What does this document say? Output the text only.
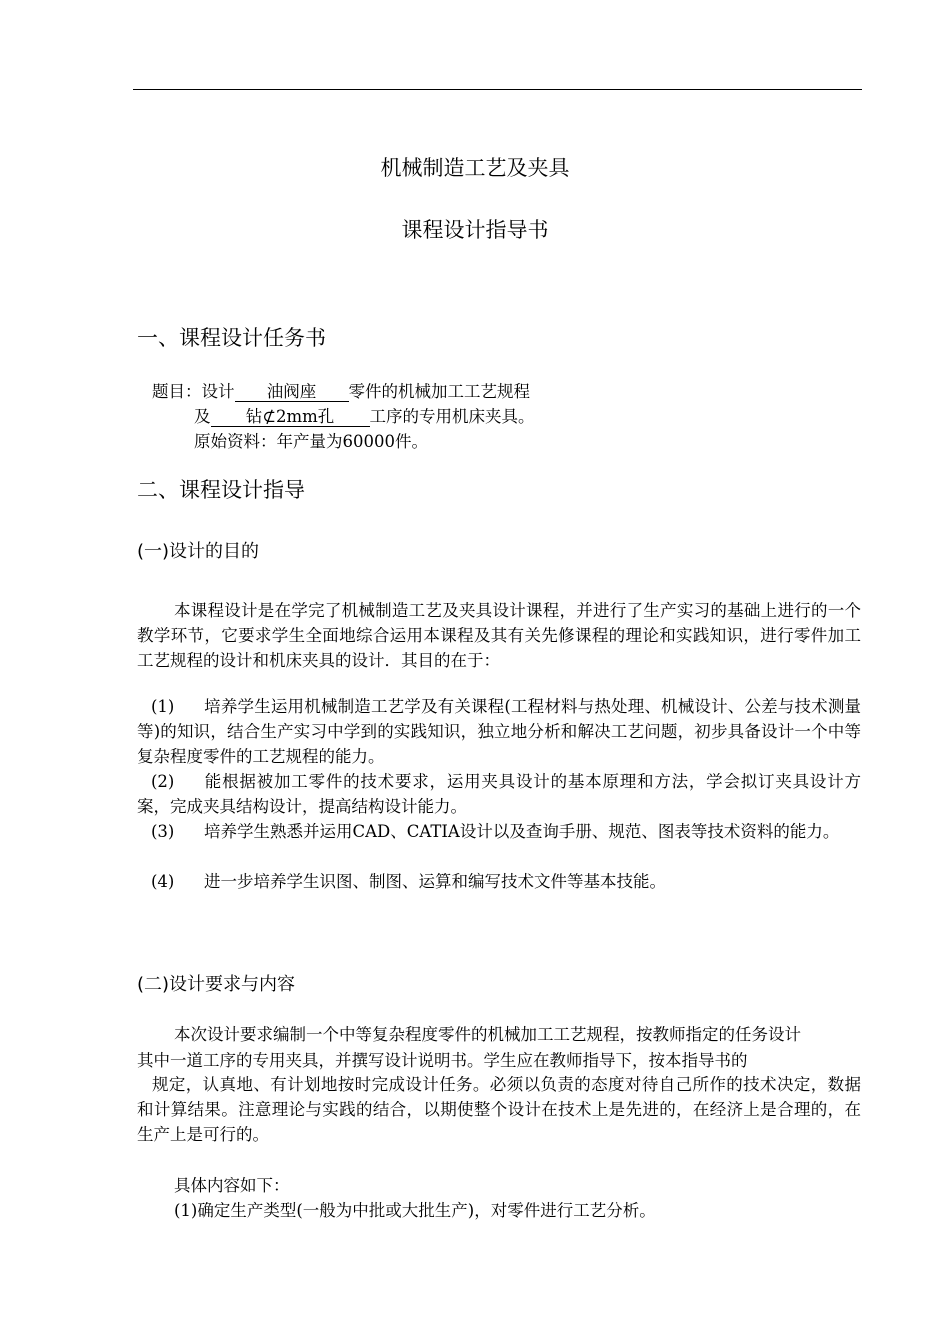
机械制造工艺及夹具
课程设计指导书
一、课程设计任务书
题目：设计 油阀座 零件的机械加工工艺规程
及 钻⊄2mm孔 工序的专用机床夹具。
原始资料：年产量为60000件。
二、课程设计指导
(一)设计的目的

本课程设计是在学完了机械制造工艺及夹具设计课程，并进行了生产实习的基础上进行的一个教学环节，它要求学生全面地综合运用本课程及其有关先修课程的理论和实践知识，进行零件加工工艺规程的设计和机床夹具的设计．其目的在于：

(1) 培养学生运用机械制造工艺学及有关课程(工程材料与热处理、机械设计、公差与技术测量等)的知识，结合生产实习中学到的实践知识，独立地分析和解决工艺问题，初步具备设计一个中等复杂程度零件的工艺规程的能力。

(2) 能根据被加工零件的技术要求，运用夹具设计的基本原理和方法，学会拟订夹具设计方案，完成夹具结构设计，提高结构设计能力。

(3) 培养学生熟悉并运用CAD、CATIA设计以及查询手册、规范、图表等技术资料的能力。

(4) 进一步培养学生识图、制图、运算和编写技术文件等基本技能。

(二)设计要求与内容

本次设计要求编制一个中等复杂程度零件的机械加工工艺规程，按教师指定的任务设计

其中一道工序的专用夹具，并撰写设计说明书。学生应在教师指导下，按本指导书的

规定，认真地、有计划地按时完成设计任务。必须以负责的态度对待自己所作的技术决定，数据和计算结果。注意理论与实践的结合，以期使整个设计在技术上是先进的，在经济上是合理的，在生产上是可行的。

具体内容如下：
(1)确定生产类型(一般为中批或大批生产)，对零件进行工艺分析。
